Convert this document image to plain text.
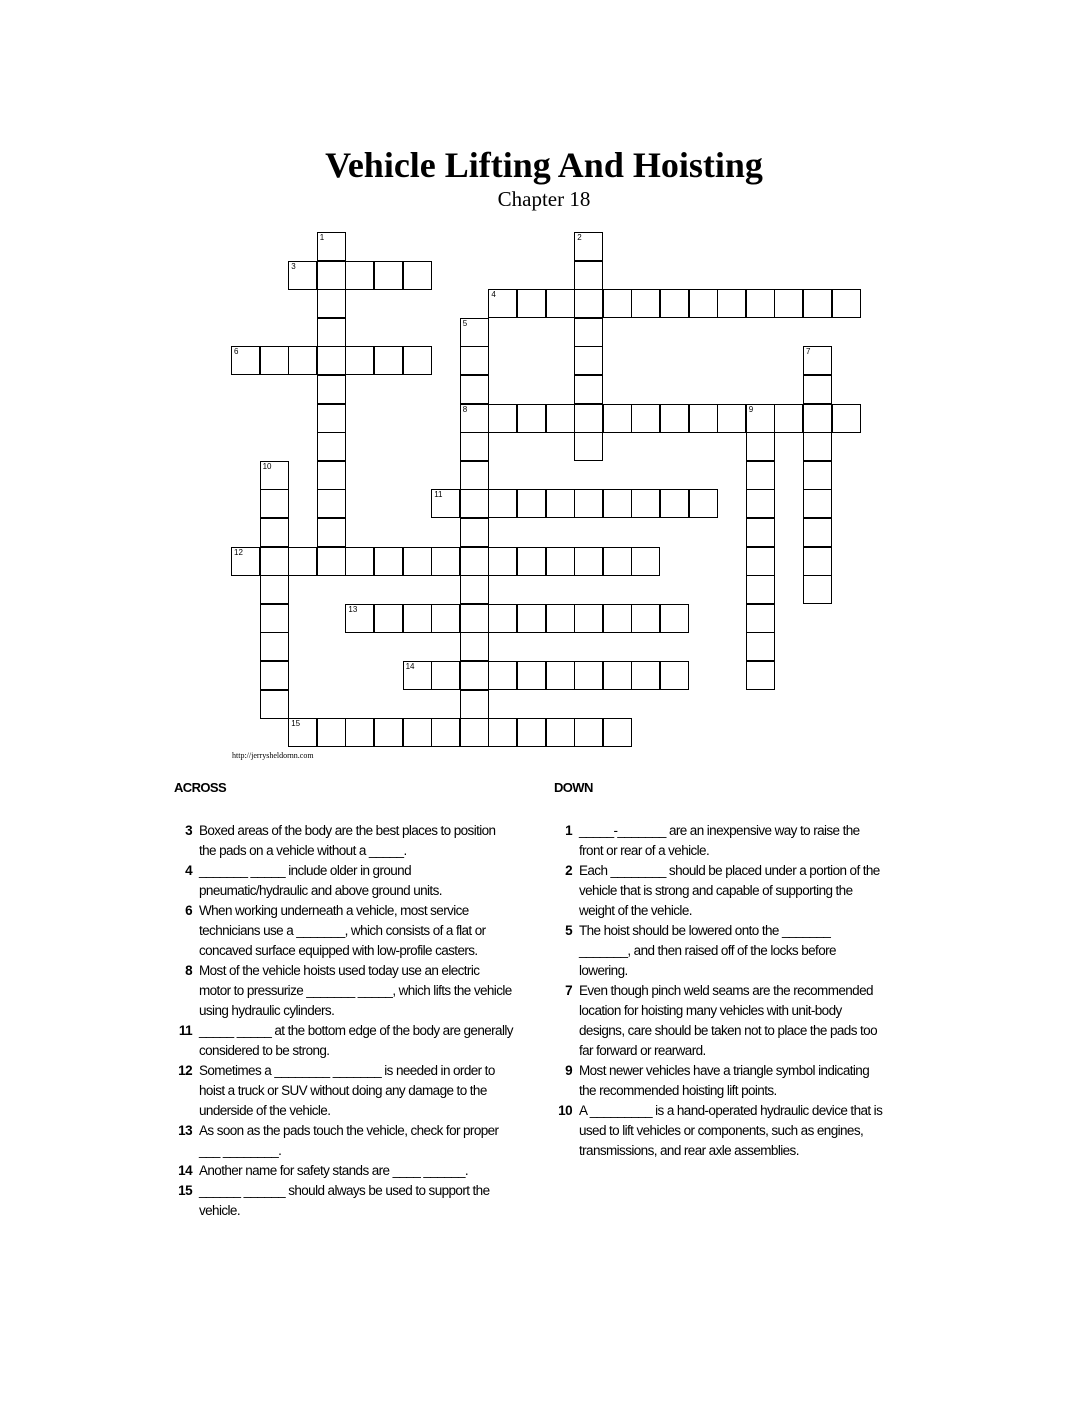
Vehicle Lifting And Hoisting
Chapter 18
1	2
3
4
5
8
6	7
9
10
11
12
13
14
15
http://jerrysheldornn.com
ACROSS
3 Boxed areas of the body are the best places to position the pads on a vehicle without a _____.
4 _______ _____ include older in ground pneumatic/hydraulic and above ground units.
6 When working underneath a vehicle, most service technicians use a _______, which consists of a flat or concaved surface equipped with low-profile casters.
8 Most of the vehicle hoists used today use an electric motor to pressurize _______ _____, which lifts the vehicle using hydraulic cylinders.
11 _____ _____ at the bottom edge of the body are generally considered to be strong.
12 Sometimes a ________ _______ is needed in order to hoist a truck or SUV without doing any damage to the underside of the vehicle.
13 As soon as the pads touch the vehicle, check for proper ___ ________.
14 Another name for safety stands are ____ ______.
15 ______ ______ should always be used to support the vehicle.
DOWN
1 _____-_______ are an inexpensive way to raise the front or rear of a vehicle.
2 Each ________ should be placed under a portion of the vehicle that is strong and capable of supporting the weight of the vehicle.
5 The hoist should be lowered onto the _______ _______, and then raised off of the locks before lowering.
7 Even though pinch weld seams are the recommended location for hoisting many vehicles with unit-body designs, care should be taken not to place the pads too far forward or rearward.
9 Most newer vehicles have a triangle symbol indicating the recommended hoisting lift points.
10 A _________ is a hand-operated hydraulic device that is used to lift vehicles or components, such as engines, transmissions, and rear axle assemblies.
